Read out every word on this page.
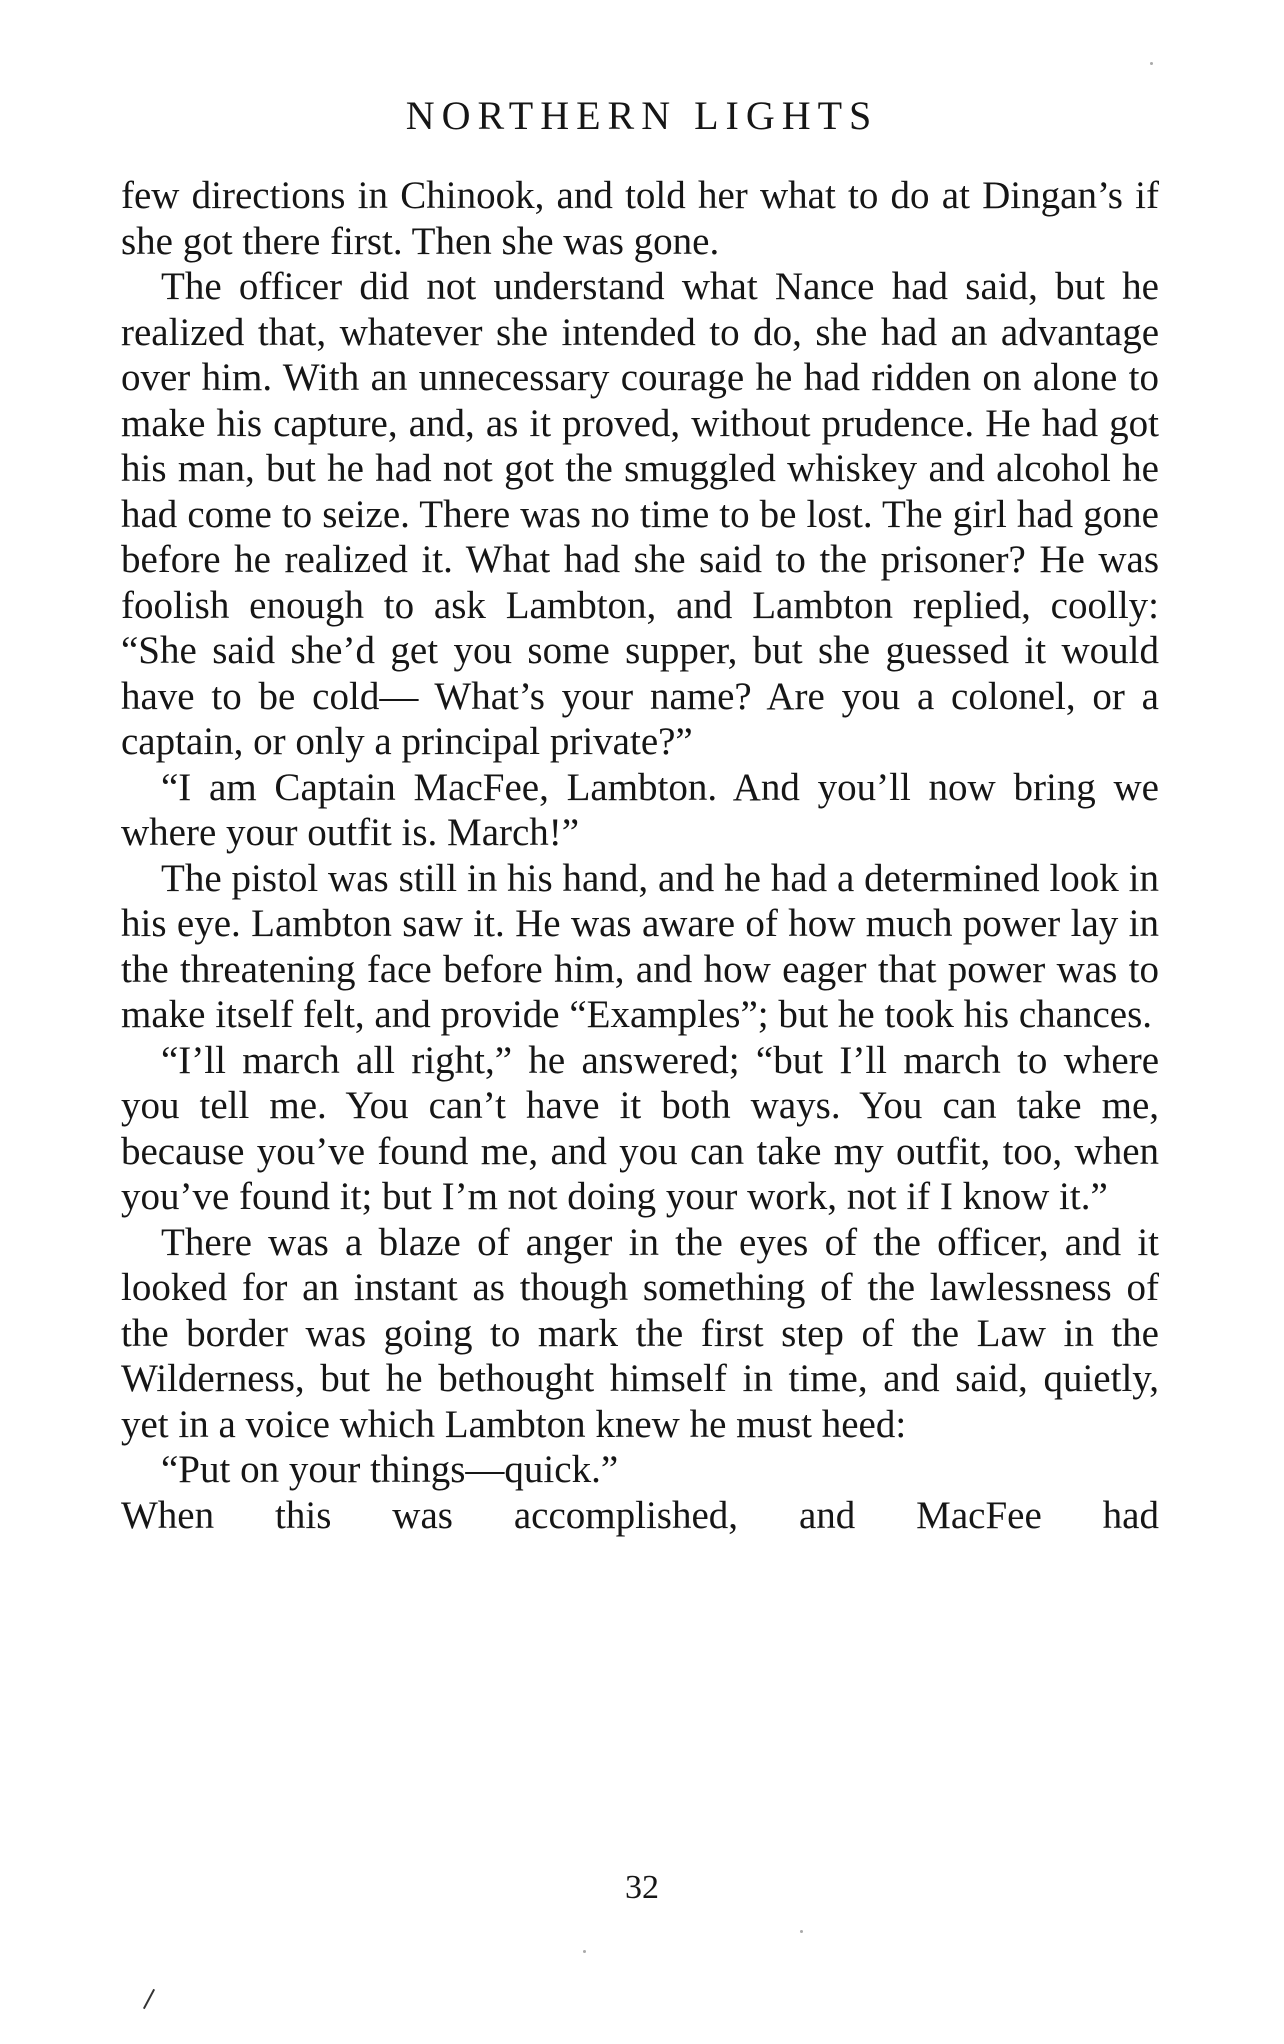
NORTHERN LIGHTS

few directions in Chinook, and told her what to do at Dingan’s if she got there first. Then she was gone.

The officer did not understand what Nance had said, but he realized that, whatever she intended to do, she had an advantage over him. With an unnecessary courage he had ridden on alone to make his capture, and, as it proved, without prudence. He had got his man, but he had not got the smuggled whiskey and alcohol he had come to seize. There was no time to be lost. The girl had gone before he realized it. What had she said to the prisoner? He was foolish enough to ask Lambton, and Lambton replied, coolly: “She said she’d get you some supper, but she guessed it would have to be cold— What’s your name? Are you a colonel, or a captain, or only a principal private?”

“I am Captain MacFee, Lambton. And you’ll now bring we where your outfit is. March!”

The pistol was still in his hand, and he had a determined look in his eye. Lambton saw it. He was aware of how much power lay in the threatening face before him, and how eager that power was to make itself felt, and provide “Examples”; but he took his chances.

“I’ll march all right,” he answered; “but I’ll march to where you tell me. You can’t have it both ways. You can take me, because you’ve found me, and you can take my outfit, too, when you’ve found it; but I’m not doing your work, not if I know it.”

There was a blaze of anger in the eyes of the officer, and it looked for an instant as though something of the lawlessness of the border was going to mark the first step of the Law in the Wilderness, but he bethought himself in time, and said, quietly, yet in a voice which Lambton knew he must heed:

“Put on your things—quick.”

When this was accomplished, and MacFee had

32
